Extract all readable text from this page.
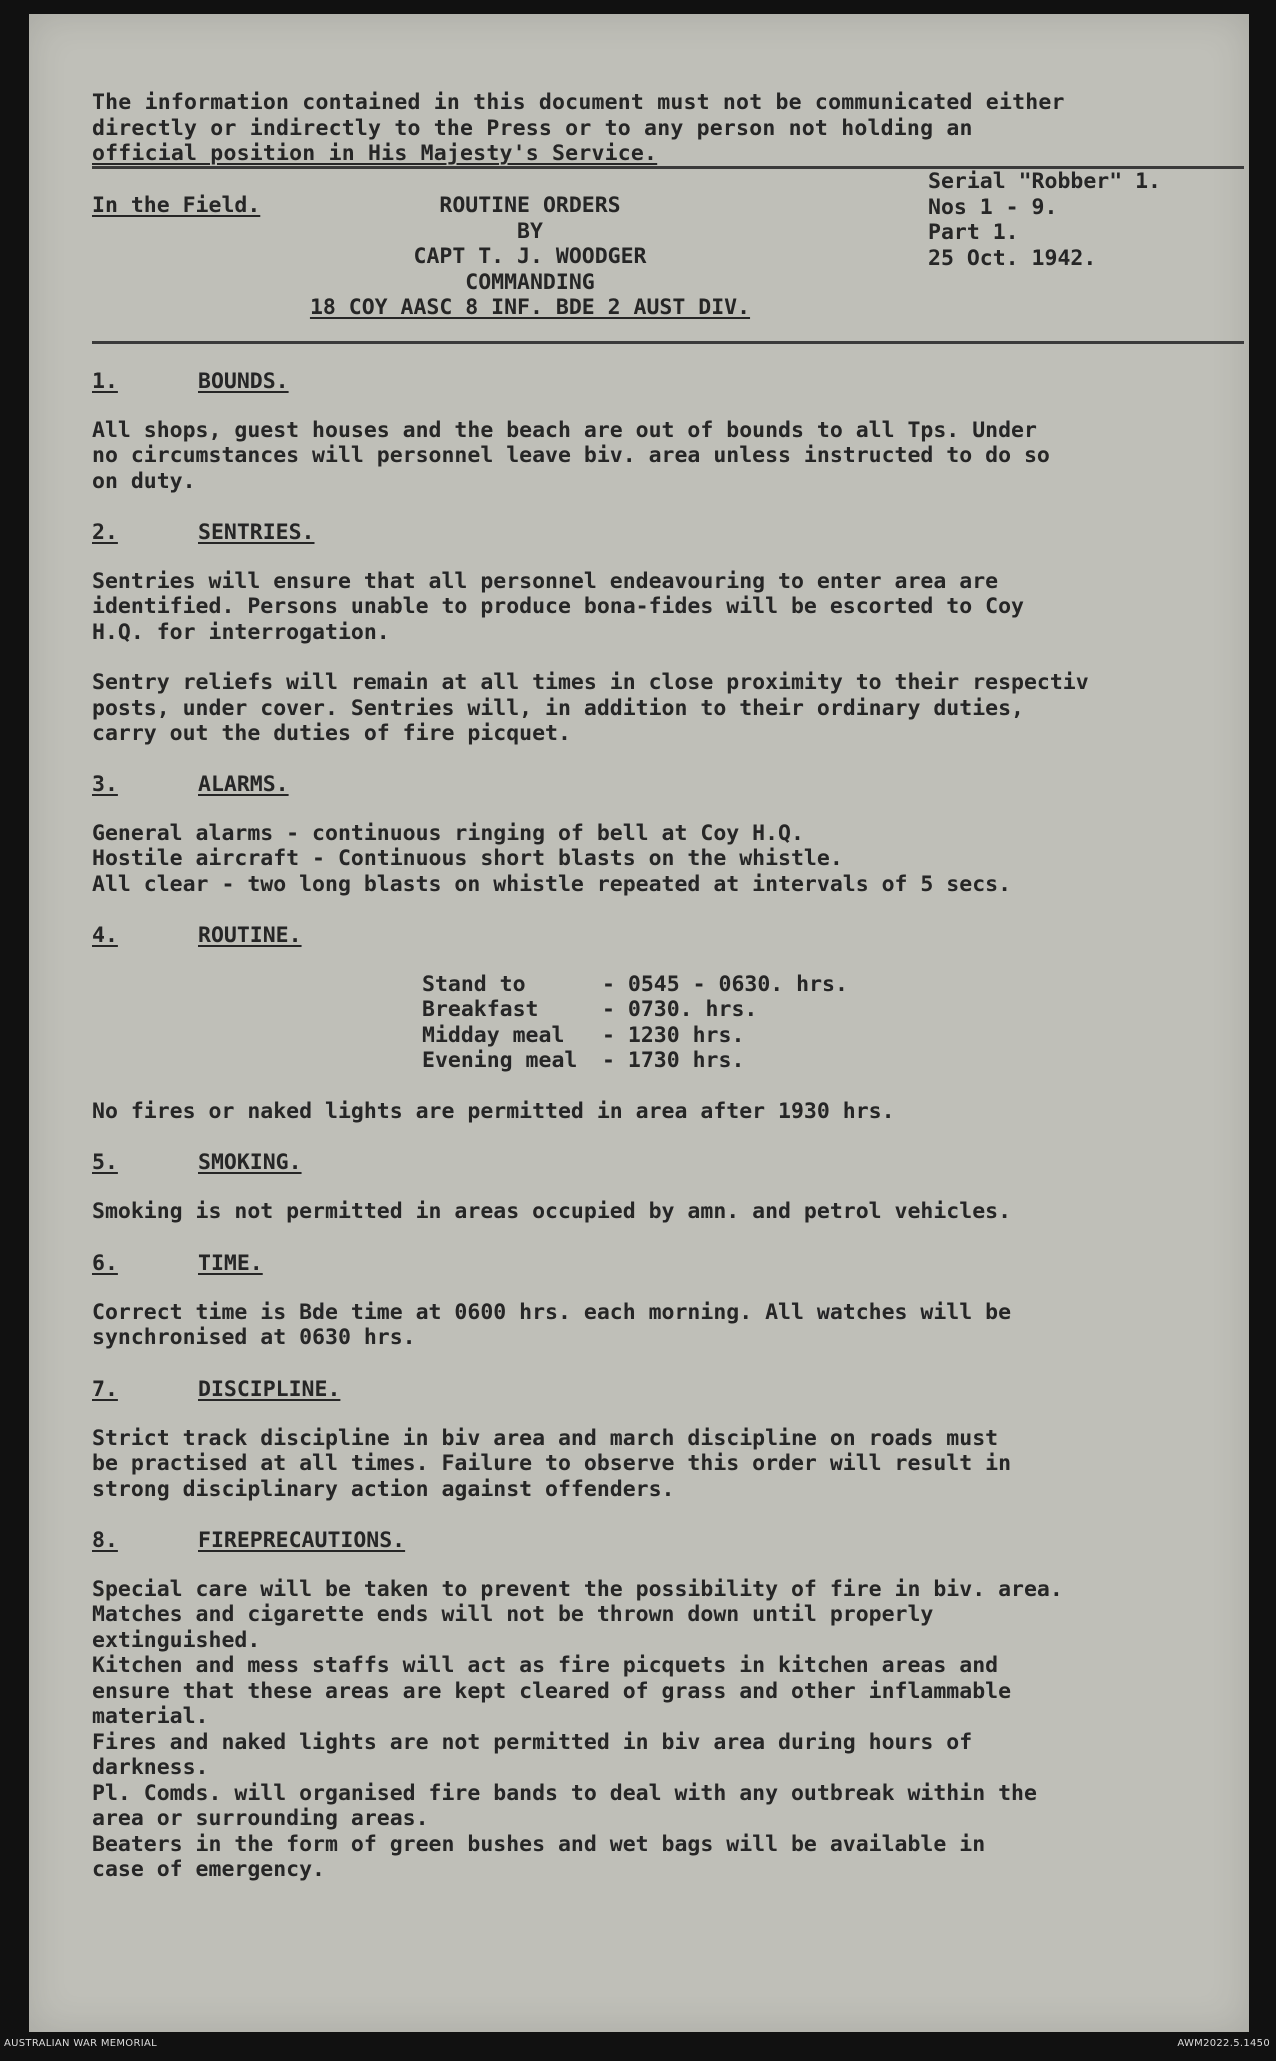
The information contained in this document must not be communicated either
directly or indirectly to the Press or to any person not holding an
official position in His Majesty's Service.
In the Field.	ROUTINE ORDERS
BY
CAPT T. J. WOODGER
COMMANDING
18 COY AASC 8 INF. BDE 2 AUST DIV.
Serial "Robber" 1.
Nos 1 - 9.
Part 1.
25 Oct. 1942.
1.	BOUNDS.
All shops, guest houses and the beach are out of bounds to all Tps. Under
no circumstances will personnel leave biv. area unless instructed to do so
on duty.
2.	SENTRIES.
Sentries will ensure that all personnel endeavouring to enter area are
identified. Persons unable to produce bona-fides will be escorted to Coy
H.Q. for interrogation.
Sentry reliefs will remain at all times in close proximity to their respectiv
posts, under cover. Sentries will, in addition to their ordinary duties,
carry out the duties of fire picquet.
3.	ALARMS.
General alarms - continuous ringing of bell at Coy H.Q.
Hostile aircraft - Continuous short blasts on the whistle.
All clear - two long blasts on whistle repeated at intervals of 5 secs.
4.	ROUTINE.
Stand to	- 0545 - 0630. hrs.
Breakfast	- 0730. hrs.
Midday meal - 1230 hrs.
Evening meal - 1730 hrs.
No fires or naked lights are permitted in area after 1930 hrs.
5.	SMOKING.
Smoking is not permitted in areas occupied by amn. and petrol vehicles.
6.	TIME.
Correct time is Bde time at 0600 hrs. each morning. All watches will be
synchronised at 0630 hrs.
7.	DISCIPLINE.
Strict track discipline in biv area and march discipline on roads must
be practised at all times. Failure to observe this order will result in
strong disciplinary action against offenders.
8.	FIREPRECAUTIONS.
Special care will be taken to prevent the possibility of fire in biv. area.
Matches and cigarette ends will not be thrown down until properly
extinguished.
Kitchen and mess staffs will act as fire picquets in kitchen areas and
ensure that these areas are kept cleared of grass and other inflammable
material.
Fires and naked lights are not permitted in biv area during hours of
darkness.
Pl. Comds. will organised fire bands to deal with any outbreak within the
area or surrounding areas.
Beaters in the form of green bushes and wet bags will be available in
case of emergency.
AUSTRALIAN WAR MEMORIAL	AWM2022.5.1450
